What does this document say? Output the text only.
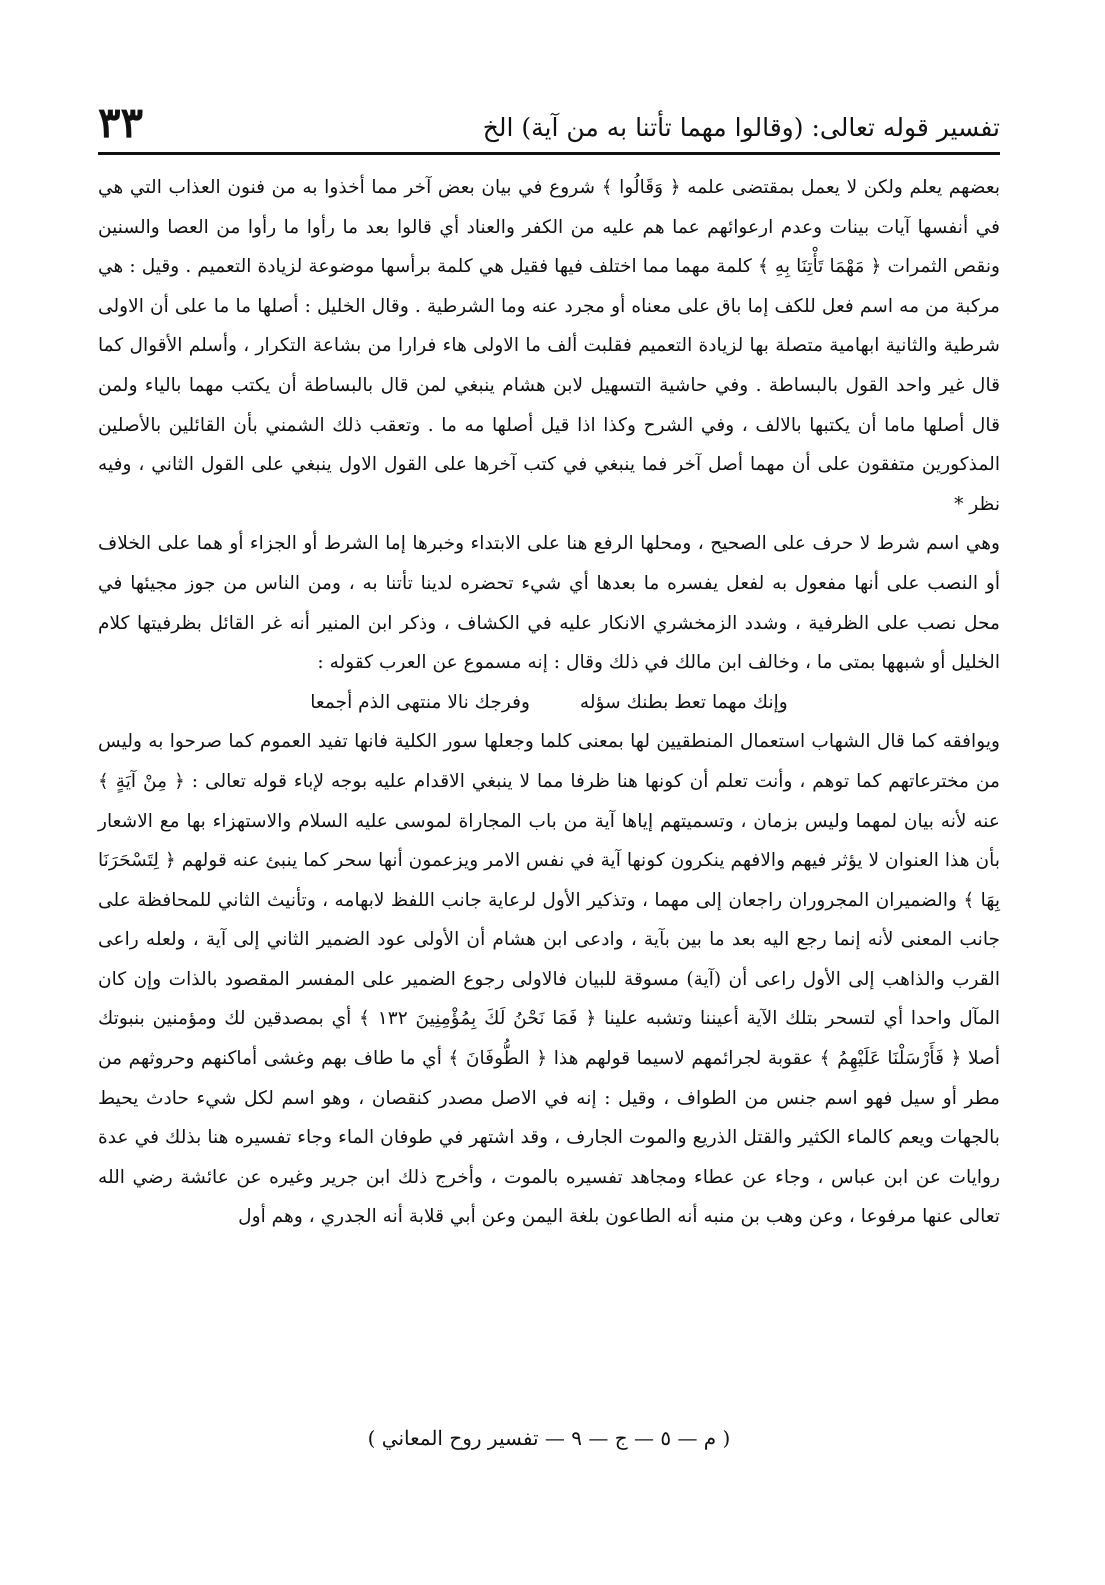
٣٣	تفسير قوله تعالى: (وقالوا مهما تأتنا به من آية) الخ

بعضهم يعلم ولكن لا يعمل بمقتضى علمه ﴿ وَقَالُوا ﴾ شروع في بيان بعض آخر مما أخذوا به من فنون العذاب التي هي في أنفسها آيات بينات وعدم ارعوائهم عما هم عليه من الكفر والعناد أي قالوا بعد ما رأوا ما رأوا من العصا والسنين ونقص الثمرات ﴿ مَهْمَا تَأْتِنَا بِهِ ﴾ كلمة مهما مما اختلف فيها فقيل هي كلمة برأسها موضوعة لزيادة التعميم . وقيل : هي مركبة من مه اسم فعل للكف إما باق على معناه أو مجرد عنه وما الشرطية . وقال الخليل : أصلها ما ما على أن الاولى شرطية والثانية ابهامية متصلة بها لزيادة التعميم فقلبت ألف ما الاولى هاء فرارا من بشاعة التكرار ، وأسلم الأقوال كما قال غير واحد القول بالبساطة . وفي حاشية التسهيل لابن هشام ينبغي لمن قال بالبساطة أن يكتب مهما بالياء ولمن قال أصلها ماما أن يكتبها بالالف ، وفي الشرح وكذا اذا قيل أصلها مه ما . وتعقب ذلك الشمني بأن القائلين بالأصلين المذكورين متفقون على أن مهما أصل آخر فما ينبغي في كتب آخرها على القول الاول ينبغي على القول الثاني ، وفيه نظر *

وهي اسم شرط لا حرف على الصحيح ، ومحلها الرفع هنا على الابتداء وخبرها إما الشرط أو الجزاء أو هما على الخلاف أو النصب على أنها مفعول به لفعل يفسره ما بعدها أي شيء تحضره لدينا تأتنا به ، ومن الناس من جوز مجيئها في محل نصب على الظرفية ، وشدد الزمخشري الانكار عليه في الكشاف ، وذكر ابن المنير أنه غر القائل بظرفيتها كلام الخليل أو شبهها بمتى ما ، وخالف ابن مالك في ذلك وقال : إنه مسموع عن العرب كقوله :

وإنك مهما تعط بطنك سؤله وفرجك نالا منتهى الذم أجمعا

ويوافقه كما قال الشهاب استعمال المنطقيين لها بمعنى كلما وجعلها سور الكلية فانها تفيد العموم كما صرحوا به وليس من مخترعاتهم كما توهم ، وأنت تعلم أن كونها هنا ظرفا مما لا ينبغي الاقدام عليه بوجه لإباء قوله تعالى : ﴿ مِنْ آيَةٍ ﴾ عنه لأنه بيان لمهما وليس بزمان ، وتسميتهم إياها آية من باب المجاراة لموسى عليه السلام والاستهزاء بها مع الاشعار بأن هذا العنوان لا يؤثر فيهم والافهم ينكرون كونها آية في نفس الامر ويزعمون أنها سحر كما ينبئ عنه قولهم ﴿ لِتَسْحَرَنَا بِهَا ﴾ والضميران المجروران راجعان إلى مهما ، وتذكير الأول لرعاية جانب اللفظ لابهامه ، وتأنيث الثاني للمحافظة على جانب المعنى لأنه إنما رجع اليه بعد ما بين بآية ، وادعى ابن هشام أن الأولى عود الضمير الثاني إلى آية ، ولعله راعى القرب والذاهب إلى الأول راعى أن (آية) مسوقة للبيان فالاولى رجوع الضمير على المفسر المقصود بالذات وإن كان المآل واحدا أي لتسحر بتلك الآية أعيننا وتشبه علينا ﴿ فَمَا نَحْنُ لَكَ بِمُؤْمِنِينَ ١٣٢ ﴾ أي بمصدقين لك ومؤمنين بنبوتك أصلا ﴿ فَأَرْسَلْنَا عَلَيْهِمُ ﴾ عقوبة لجرائمهم لاسيما قولهم هذا ﴿ الطُّوفَانَ ﴾ أي ما طاف بهم وغشى أماكنهم وحروثهم من مطر أو سيل فهو اسم جنس من الطواف ، وقيل : إنه في الاصل مصدر كنقصان ، وهو اسم لكل شيء حادث يحيط بالجهات ويعم كالماء الكثير والقتل الذريع والموت الجارف ، وقد اشتهر في طوفان الماء وجاء تفسيره هنا بذلك في عدة روايات عن ابن عباس ، وجاء عن عطاء ومجاهد تفسيره بالموت ، وأخرج ذلك ابن جرير وغيره عن عائشة رضي الله تعالى عنها مرفوعا ، وعن وهب بن منبه أنه الطاعون بلغة اليمن وعن أبي قلابة أنه الجدري ، وهم أول

( م — ٥ — ج — ٩ — تفسير روح المعاني )
